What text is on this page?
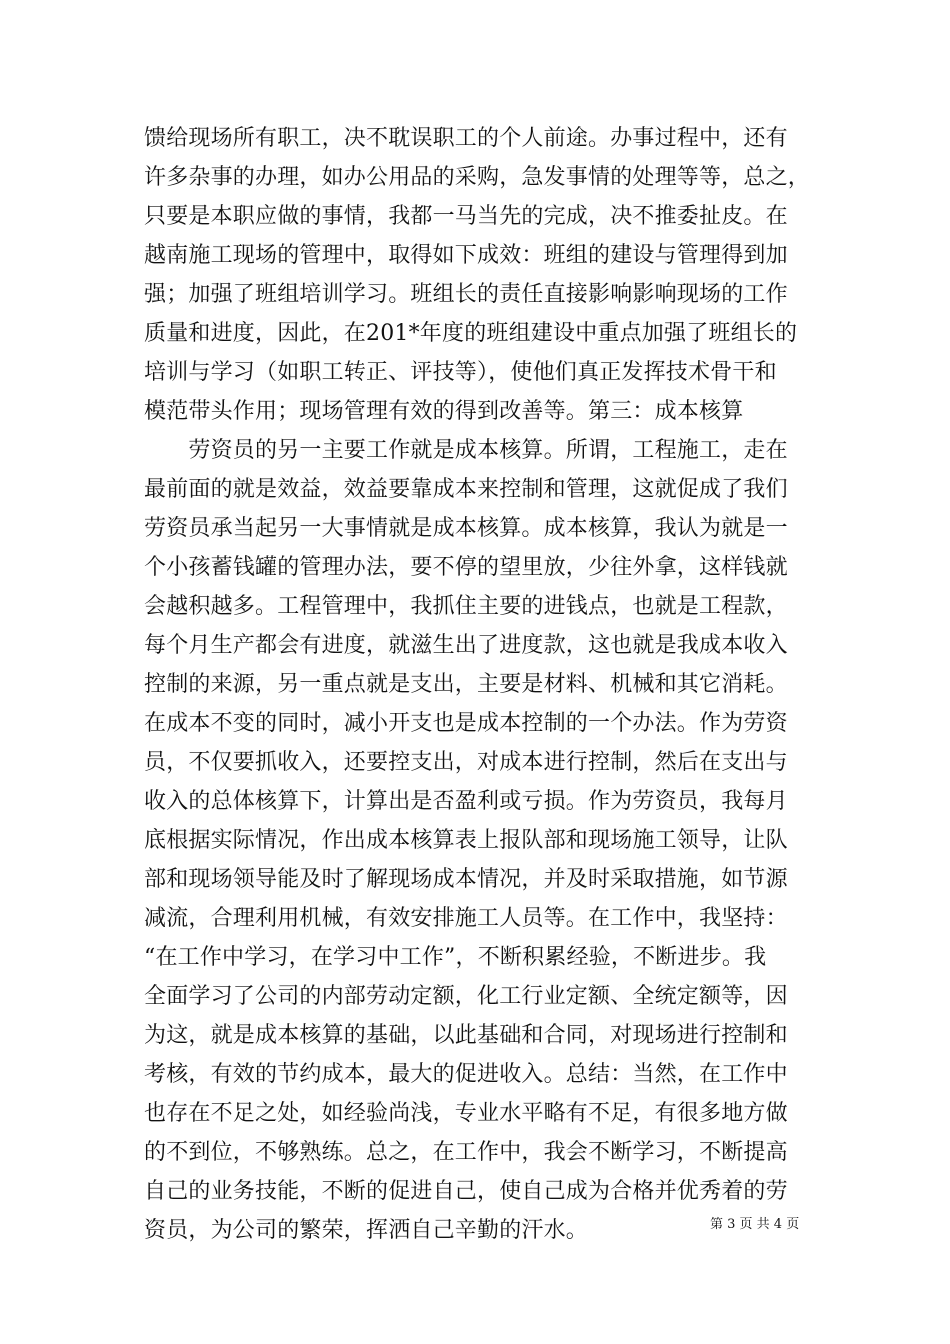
馈给现场所有职工，决不耽误职工的个人前途。办事过程中，还有
许多杂事的办理，如办公用品的采购，急发事情的处理等等，总之，
只要是本职应做的事情，我都一马当先的完成，决不推委扯皮。在
越南施工现场的管理中，取得如下成效：班组的建设与管理得到加
强；加强了班组培训学习。班组长的责任直接影响影响现场的工作
质量和进度，因此，在201*年度的班组建设中重点加强了班组长的
培训与学习（如职工转正、评技等），使他们真正发挥技术骨干和
模范带头作用；现场管理有效的得到改善等。第三：成本核算
　　劳资员的另一主要工作就是成本核算。所谓，工程施工，走在
最前面的就是效益，效益要靠成本来控制和管理，这就促成了我们
劳资员承当起另一大事情就是成本核算。成本核算，我认为就是一
个小孩蓄钱罐的管理办法，要不停的望里放，少往外拿，这样钱就
会越积越多。工程管理中，我抓住主要的进钱点，也就是工程款，
每个月生产都会有进度，就滋生出了进度款，这也就是我成本收入
控制的来源，另一重点就是支出，主要是材料、机械和其它消耗。
在成本不变的同时，减小开支也是成本控制的一个办法。作为劳资
员，不仅要抓收入，还要控支出，对成本进行控制，然后在支出与
收入的总体核算下，计算出是否盈利或亏损。作为劳资员，我每月
底根据实际情况，作出成本核算表上报队部和现场施工领导，让队
部和现场领导能及时了解现场成本情况，并及时采取措施，如节源
减流，合理利用机械，有效安排施工人员等。在工作中，我坚持：
“在工作中学习，在学习中工作”，不断积累经验，不断进步。我
全面学习了公司的内部劳动定额，化工行业定额、全统定额等，因
为这，就是成本核算的基础，以此基础和合同，对现场进行控制和
考核，有效的节约成本，最大的促进收入。总结：当然，在工作中
也存在不足之处，如经验尚浅，专业水平略有不足，有很多地方做
的不到位，不够熟练。总之，在工作中，我会不断学习，不断提高
自己的业务技能，不断的促进自己，使自己成为合格并优秀着的劳
资员，为公司的繁荣，挥洒自己辛勤的汗水。	第 3 页 共 4 页
